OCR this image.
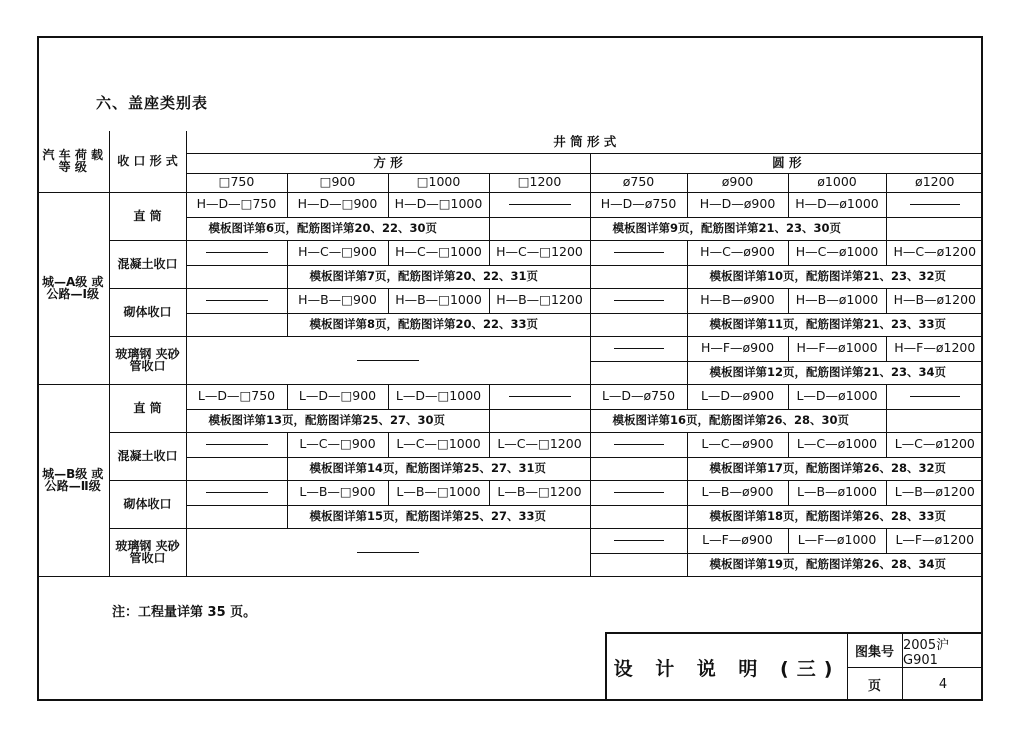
六、盖座类别表
汽 车 荷 载 等 级	收 口 形 式	井 筒 形 式							
		方 形				圆 形			
		□750	□900	□1000	□1200	ø750	ø900	ø1000	ø1200
城—A级 或 公路—Ⅰ级	直 筒	H—D—□750	H—D—□900	H—D—□1000		H—D—ø750	H—D—ø900	H—D—ø1000	
		模板图详第6页，配筋图详第20、22、30页				模板图详第9页，配筋图详第21、23、30页			
	混凝土收口		H—C—□900	H—C—□1000	H—C—□1200		H—C—ø900	H—C—ø1000	H—C—ø1200
			模板图详第7页，配筋图详第20、22、31页				模板图详第10页，配筋图详第21、23、32页		
	砌体收口		H—B—□900	H—B—□1000	H—B—□1200		H—B—ø900	H—B—ø1000	H—B—ø1200
			模板图详第8页，配筋图详第20、22、33页				模板图详第11页，配筋图详第21、23、33页		
	玻璃钢 夹砂管收口						H—F—ø900	H—F—ø1000	H—F—ø1200
							模板图详第12页，配筋图详第21、23、34页		
城—B级 或 公路—Ⅱ级	直 筒	L—D—□750	L—D—□900	L—D—□1000		L—D—ø750	L—D—ø900	L—D—ø1000	
		模板图详第13页，配筋图详第25、27、30页				模板图详第16页，配筋图详第26、28、30页			
	混凝土收口		L—C—□900	L—C—□1000	L—C—□1200		L—C—ø900	L—C—ø1000	L—C—ø1200
			模板图详第14页，配筋图详第25、27、31页				模板图详第17页，配筋图详第26、28、32页		
	砌体收口		L—B—□900	L—B—□1000	L—B—□1200		L—B—ø900	L—B—ø1000	L—B—ø1200
			模板图详第15页，配筋图详第25、27、33页				模板图详第18页，配筋图详第26、28、33页		
	玻璃钢 夹砂管收口						L—F—ø900	L—F—ø1000	L—F—ø1200
							模板图详第19页，配筋图详第26、28、34页		
注：工程量详第 35 页。
设 计 说 明 (三)
图集号 2005沪G901
页	4
